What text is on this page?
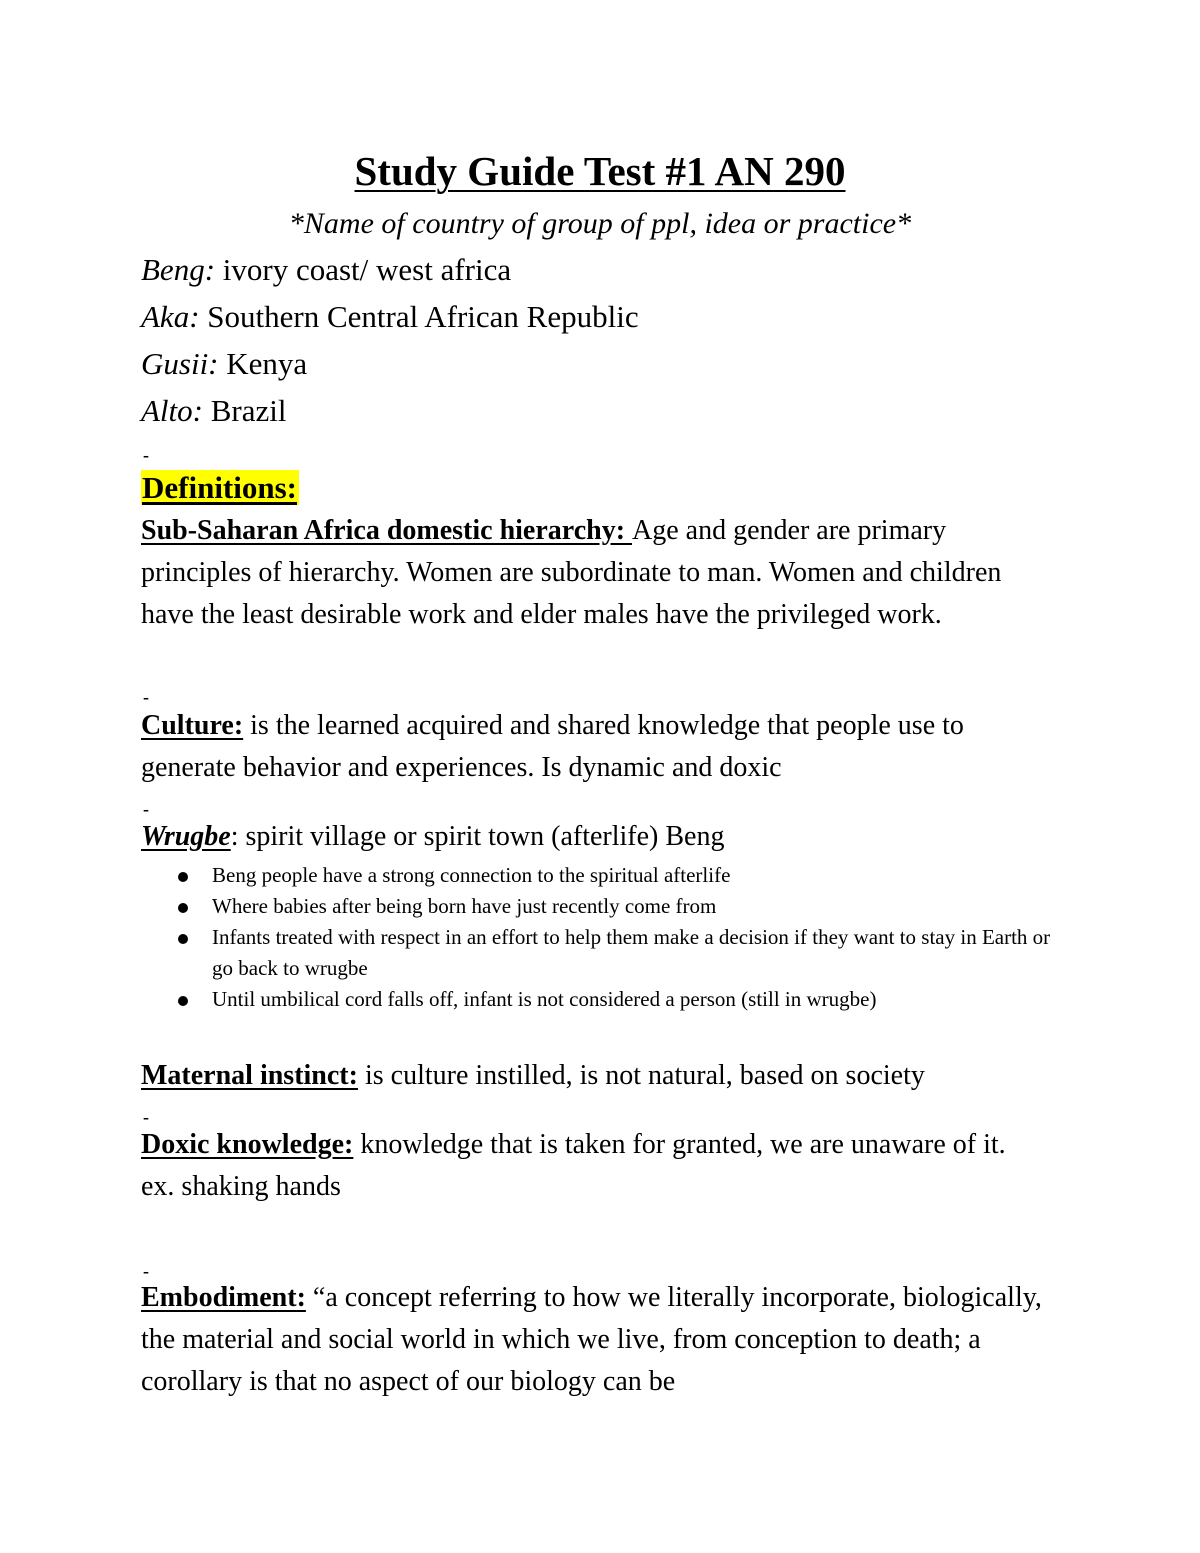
Study Guide Test #1 AN 290
*Name of country of group of ppl, idea or practice*
Beng: ivory coast/ west africa
Aka: Southern Central African Republic
Gusii: Kenya
Alto: Brazil
-
Definitions:
Sub-Saharan Africa domestic hierarchy: Age and gender are primary principles of hierarchy. Women are subordinate to man. Women and children have the least desirable work and elder males have the privileged work.
-
Culture: is the learned acquired and shared knowledge that people use to generate behavior and experiences. Is dynamic and doxic
-
Wrugbe: spirit village or spirit town (afterlife) Beng
Beng people have a strong connection to the spiritual afterlife
Where babies after being born have just recently come from
Infants treated with respect in an effort to help them make a decision if they want to stay in Earth or go back to wrugbe
Until umbilical cord falls off, infant is not considered a person (still in wrugbe)
Maternal instinct: is culture instilled, is not natural, based on society
-
Doxic knowledge: knowledge that is taken for granted, we are unaware of it.
ex. shaking hands
-
Embodiment: “a concept referring to how we literally incorporate, biologically, the material and social world in which we live, from conception to death; a corollary is that no aspect of our biology can be
